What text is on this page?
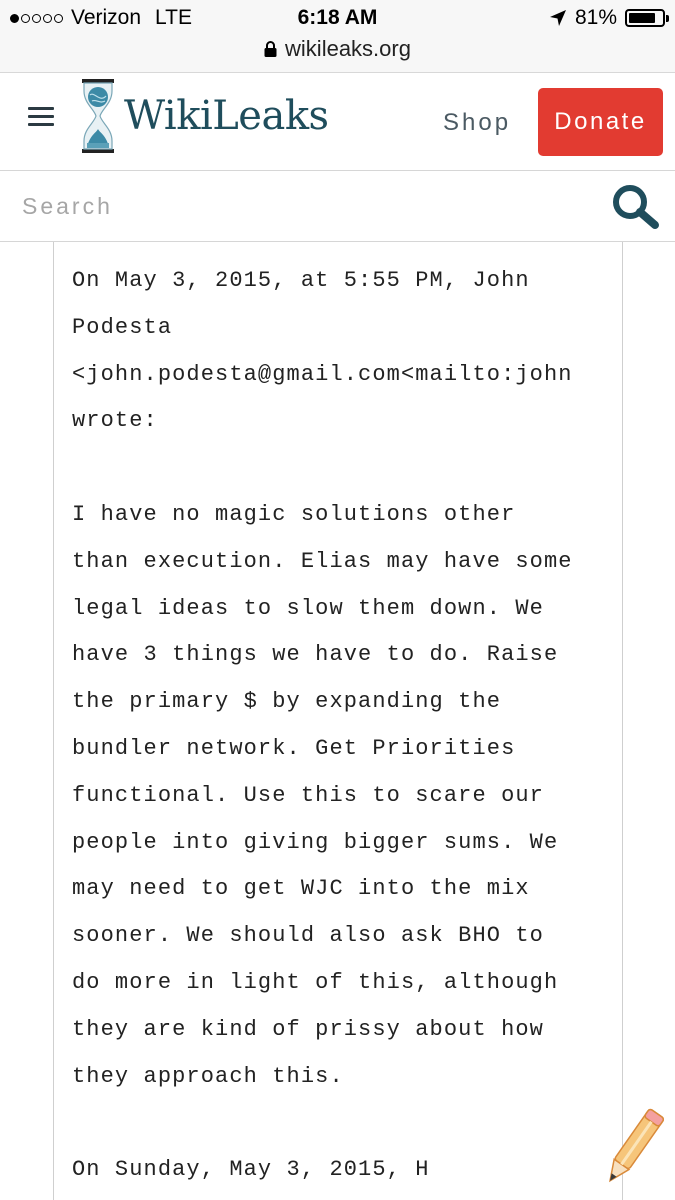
Verizon LTE	6:18 AM	81%
wikileaks.org
WikiLeaks	Shop	Donate
Search
On May 3, 2015, at 5:55 PM, John
Podesta
<john.podesta@gmail.com<mailto:john
wrote:

I have no magic solutions other
than execution. Elias may have some
legal ideas to slow them down. We
have 3 things we have to do. Raise
the primary $ by expanding the
bundler network. Get Priorities
functional. Use this to scare our
people into giving bigger sums. We
may need to get WJC into the mix
sooner. We should also ask BHO to
do more in light of this, although
they are kind of prissy about how
they approach this.

On Sunday, May 3, 2015, H
